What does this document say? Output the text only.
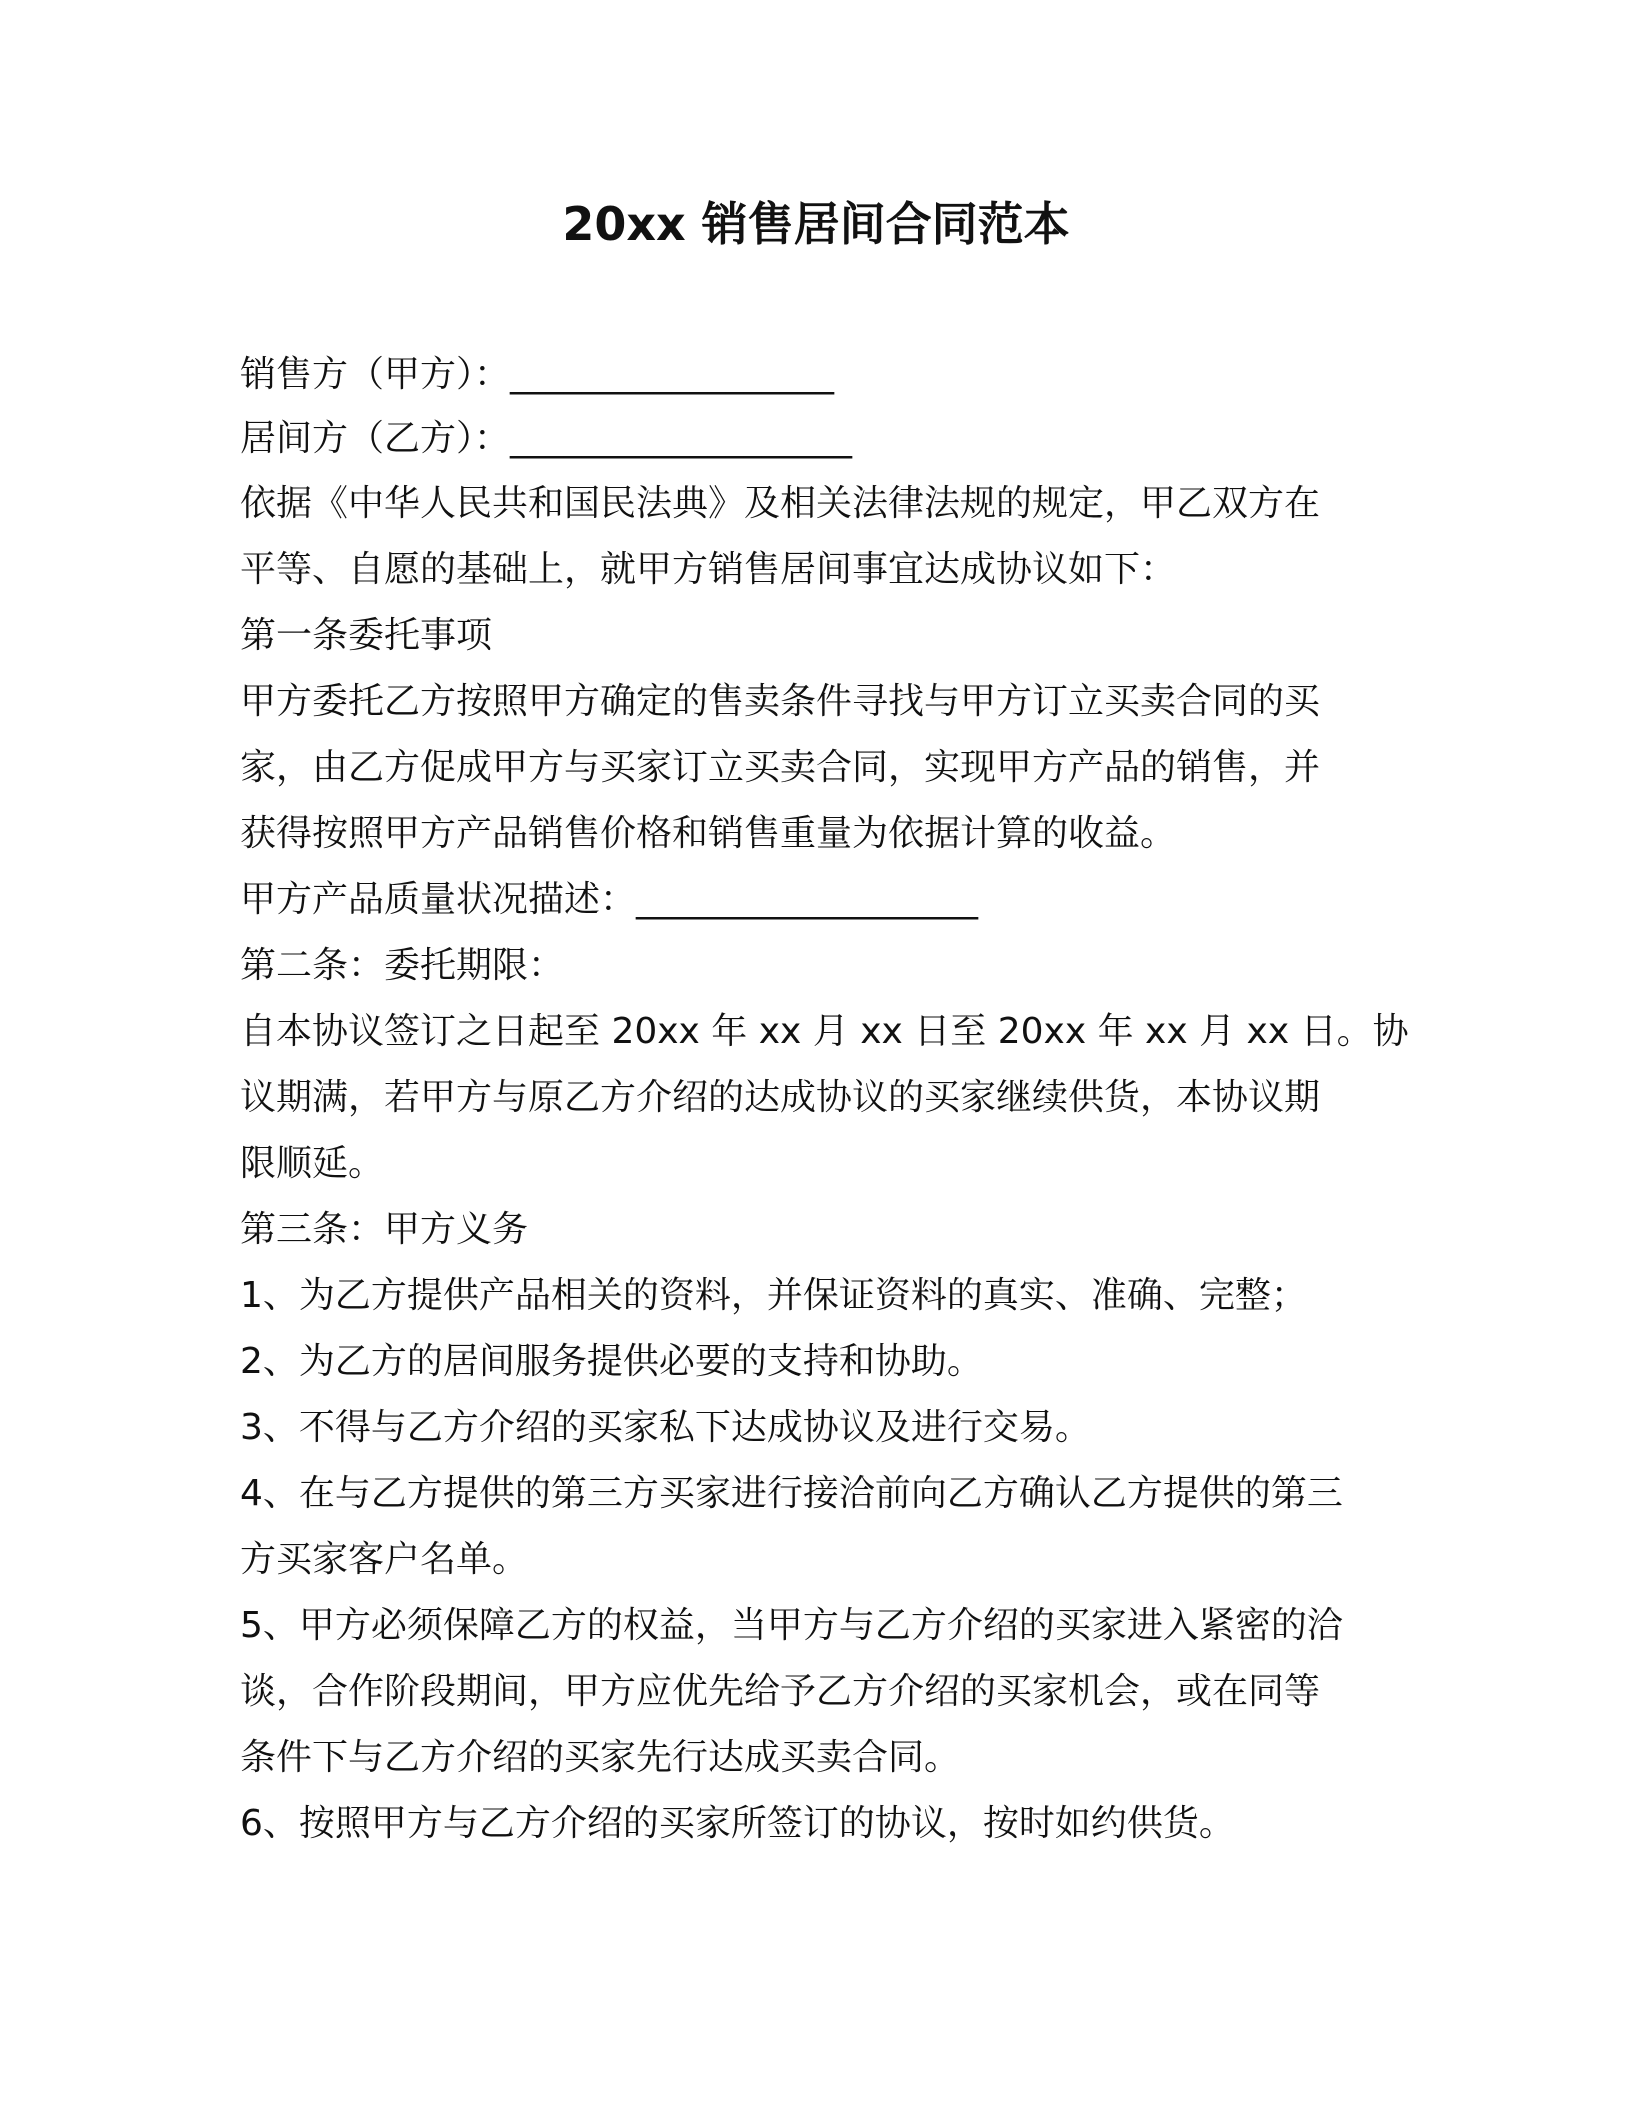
20xx 销售居间合同范本

销售方（甲方）：__________________

居间方（乙方）：___________________

依据《中华人民共和国民法典》及相关法律法规的规定，甲乙双方在

平等、自愿的基础上，就甲方销售居间事宜达成协议如下：

第一条委托事项

甲方委托乙方按照甲方确定的售卖条件寻找与甲方订立买卖合同的买

家，由乙方促成甲方与买家订立买卖合同，实现甲方产品的销售，并

获得按照甲方产品销售价格和销售重量为依据计算的收益。

甲方产品质量状况描述：___________________

第二条：委托期限：

自本协议签订之日起至 20xx 年 xx 月 xx 日至 20xx 年 xx 月 xx 日。协

议期满，若甲方与原乙方介绍的达成协议的买家继续供货，本协议期

限顺延。

第三条：甲方义务

1、为乙方提供产品相关的资料，并保证资料的真实、准确、完整；

2、为乙方的居间服务提供必要的支持和协助。

3、不得与乙方介绍的买家私下达成协议及进行交易。

4、在与乙方提供的第三方买家进行接洽前向乙方确认乙方提供的第三

方买家客户名单。

5、甲方必须保障乙方的权益，当甲方与乙方介绍的买家进入紧密的洽

谈，合作阶段期间，甲方应优先给予乙方介绍的买家机会，或在同等

条件下与乙方介绍的买家先行达成买卖合同。

6、按照甲方与乙方介绍的买家所签订的协议，按时如约供货。
